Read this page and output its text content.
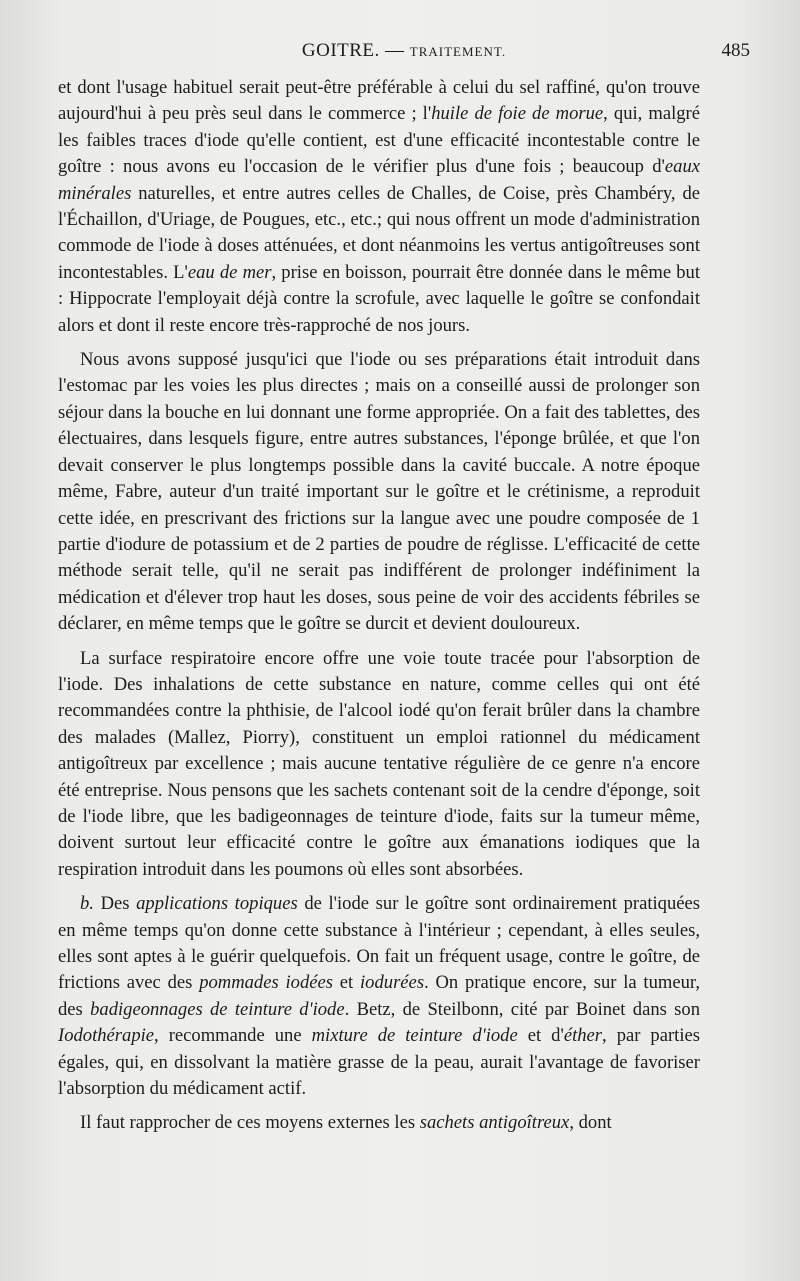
GOITRE. — TRAITEMENT.	485

et dont l'usage habituel serait peut-être préférable à celui du sel raffiné, qu'on trouve aujourd'hui à peu près seul dans le commerce ; l'huile de foie de morue, qui, malgré les faibles traces d'iode qu'elle contient, est d'une efficacité incontestable contre le goître : nous avons eu l'occasion de le vérifier plus d'une fois ; beaucoup d'eaux minérales naturelles, et entre autres celles de Challes, de Coise, près Chambéry, de l'Échaillon, d'Uriage, de Pougues, etc., etc.; qui nous offrent un mode d'administration commode de l'iode à doses atténuées, et dont néanmoins les vertus antigoîtreuses sont incontestables. L'eau de mer, prise en boisson, pourrait être donnée dans le même but : Hippocrate l'employait déjà contre la scrofule, avec laquelle le goître se confondait alors et dont il reste encore très-rapproché de nos jours.

Nous avons supposé jusqu'ici que l'iode ou ses préparations était introduit dans l'estomac par les voies les plus directes ; mais on a conseillé aussi de prolonger son séjour dans la bouche en lui donnant une forme appropriée. On a fait des tablettes, des électuaires, dans lesquels figure, entre autres substances, l'éponge brûlée, et que l'on devait conserver le plus longtemps possible dans la cavité buccale. A notre époque même, Fabre, auteur d'un traité important sur le goître et le crétinisme, a reproduit cette idée, en prescrivant des frictions sur la langue avec une poudre composée de 1 partie d'iodure de potassium et de 2 parties de poudre de réglisse. L'efficacité de cette méthode serait telle, qu'il ne serait pas indifférent de prolonger indéfiniment la médication et d'élever trop haut les doses, sous peine de voir des accidents fébriles se déclarer, en même temps que le goître se durcit et devient douloureux.

La surface respiratoire encore offre une voie toute tracée pour l'absorption de l'iode. Des inhalations de cette substance en nature, comme celles qui ont été recommandées contre la phthisie, de l'alcool iodé qu'on ferait brûler dans la chambre des malades (Mallez, Piorry), constituent un emploi rationnel du médicament antigoîtreux par excellence ; mais aucune tentative régulière de ce genre n'a encore été entreprise. Nous pensons que les sachets contenant soit de la cendre d'éponge, soit de l'iode libre, que les badigeonnages de teinture d'iode, faits sur la tumeur même, doivent surtout leur efficacité contre le goître aux émanations iodiques que la respiration introduit dans les poumons où elles sont absorbées.

b. Des applications topiques de l'iode sur le goître sont ordinairement pratiquées en même temps qu'on donne cette substance à l'intérieur ; cependant, à elles seules, elles sont aptes à le guérir quelquefois. On fait un fréquent usage, contre le goître, de frictions avec des pommades iodées et iodurées. On pratique encore, sur la tumeur, des badigeonnages de teinture d'iode. Betz, de Steilbonn, cité par Boinet dans son Iodothérapie, recommande une mixture de teinture d'iode et d'éther, par parties égales, qui, en dissolvant la matière grasse de la peau, aurait l'avantage de favoriser l'absorption du médicament actif.

Il faut rapprocher de ces moyens externes les sachets antigoîtreux, dont
